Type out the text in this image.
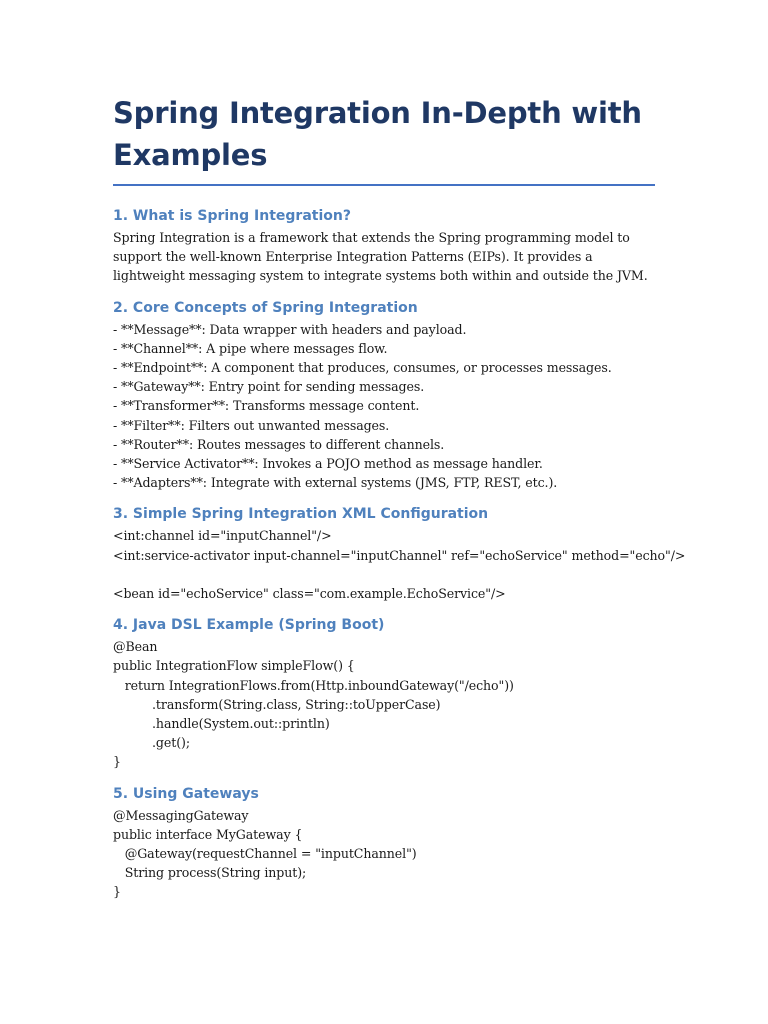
Spring Integration In-Depth with
Examples
1. What is Spring Integration?

Spring Integration is a framework that extends the Spring programming model to support the well-known Enterprise Integration Patterns (EIPs). It provides a lightweight messaging system to integrate systems both within and outside the JVM.

2. Core Concepts of Spring Integration
- **Message**: Data wrapper with headers and payload.
- **Channel**: A pipe where messages flow.
- **Endpoint**: A component that produces, consumes, or processes messages.
- **Gateway**: Entry point for sending messages.
- **Transformer**: Transforms message content.
- **Filter**: Filters out unwanted messages.
- **Router**: Routes messages to different channels.
- **Service Activator**: Invokes a POJO method as message handler.
- **Adapters**: Integrate with external systems (JMS, FTP, REST, etc.).
3. Simple Spring Integration XML Configuration
<int:channel id="inputChannel"/>
<int:service-activator input-channel="inputChannel" ref="echoService" method="echo"/>
<bean id="echoService" class="com.example.EchoService"/>
4. Java DSL Example (Spring Boot)
@Bean
public IntegrationFlow simpleFlow() {
return IntegrationFlows.from(Http.inboundGateway("/echo"))
.transform(String.class, String::toUpperCase)
.handle(System.out::println)
.get();
}
5. Using Gateways
@MessagingGateway
public interface MyGateway {
@Gateway(requestChannel = "inputChannel")
String process(String input);
}
